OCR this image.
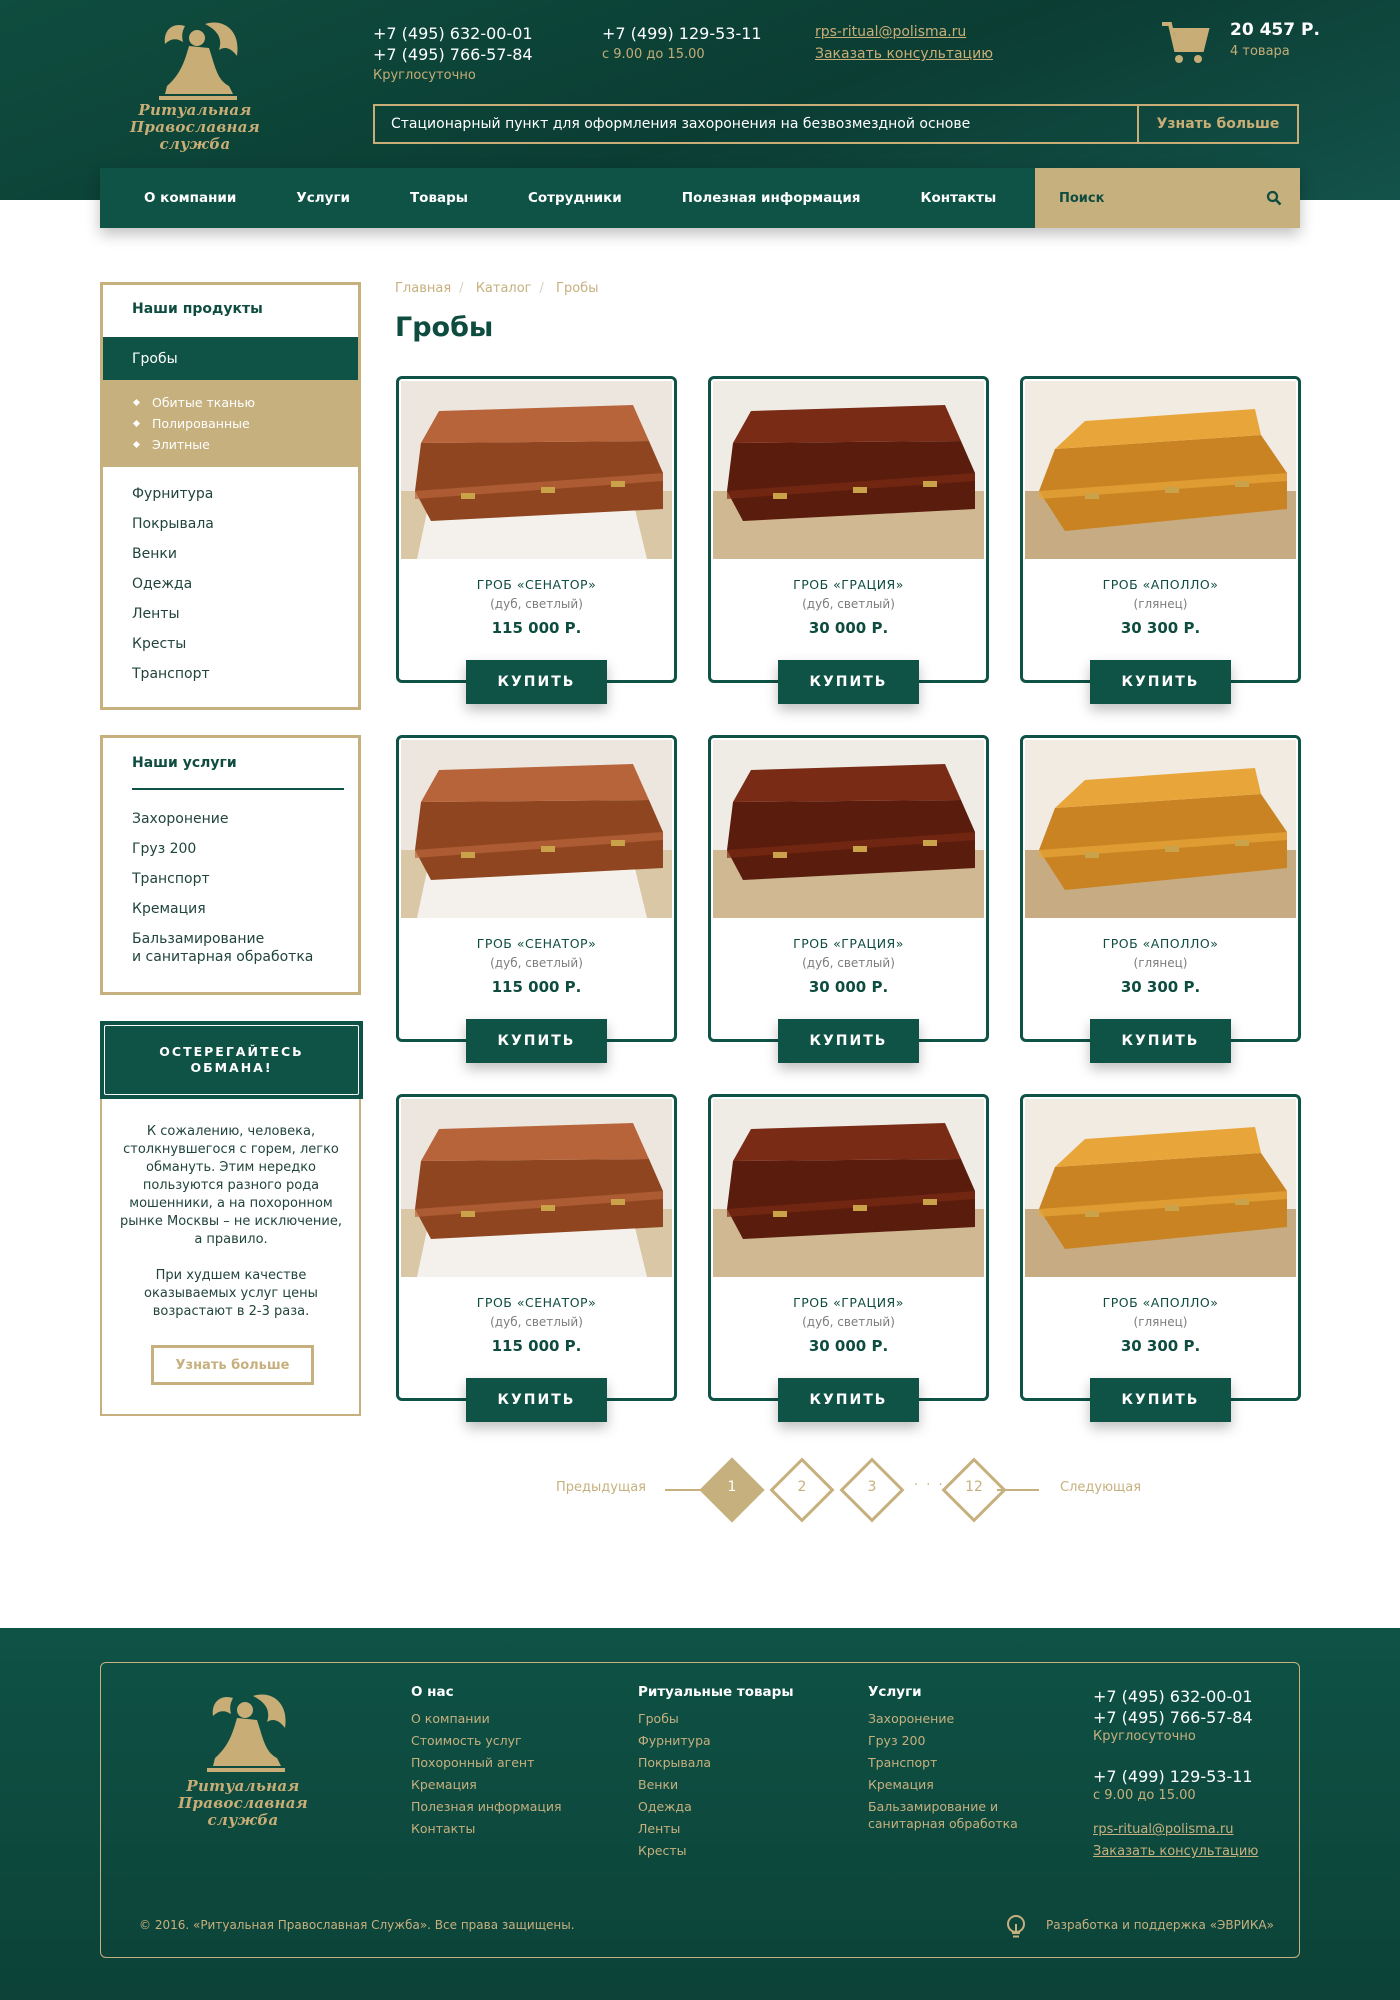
Ритуальная
Православная служба
+7 (495) 632-00-01
+7 (495) 766-57-84
Круглосуточно
+7 (499) 129-53-11
с 9.00 до 15.00
rps-ritual@polisma.ru
Заказать консультацию
20 457 Р.
4 товара
Стационарный пункт для оформления захоронения на безвозмездной основе	Узнать больше
О компании	Услуги	Товары	Сотрудники	Полезная информация	Контакты	Поиск
Наши продукты
Гробы
Обитые тканью
Полированные
Элитные
Фурнитура
Покрывала
Венки
Одежда
Ленты
Кресты
Транспорт
Наши услуги
Захоронение
Груз 200
Транспорт
Кремация
Бальзамирование
и санитарная обработка
ОСТЕРЕГАЙТЕСЬ ОБМАНА!
К сожалению, человека, столкнувшегося с горем, легко обмануть. Этим нередко пользуются разного рода мошенники, а на похоронном рынке Москвы – не исключение, а правило.
При худшем качестве оказываемых услуг цены возрастают в 2-3 раза.
Узнать больше
Главная / Каталог / Гробы
Гробы
ГРОБ «СЕНАТОР»
(дуб, светлый)
115 000 Р.
КУПИТЬ
ГРОБ «ГРАЦИЯ»
(дуб, светлый)
30 000 Р.
КУПИТЬ
ГРОБ «АПОЛЛО»
(глянец)
30 300 Р.
КУПИТЬ
ГРОБ «СЕНАТОР»
(дуб, светлый)
115 000 Р.
КУПИТЬ
ГРОБ «ГРАЦИЯ»
(дуб, светлый)
30 000 Р.
КУПИТЬ
ГРОБ «АПОЛЛО»
(глянец)
30 300 Р.
КУПИТЬ
ГРОБ «СЕНАТОР»
(дуб, светлый)
115 000 Р.
КУПИТЬ
ГРОБ «ГРАЦИЯ»
(дуб, светлый)
30 000 Р.
КУПИТЬ
ГРОБ «АПОЛЛО»
(глянец)
30 300 Р.
КУПИТЬ
Предыдущая	1	2	3	· · ·	12	Следующая
Ритуальная
Православная служба
О нас
О компании
Стоимость услуг
Похоронный агент
Кремация
Полезная информация
Контакты
Ритуальные товары
Гробы
Фурнитура
Покрывала
Венки
Одежда
Ленты
Кресты
Услуги
Захоронение
Груз 200
Транспорт
Кремация
Бальзамирование и
санитарная обработка
+7 (495) 632-00-01
+7 (495) 766-57-84
Круглосуточно
+7 (499) 129-53-11
с 9.00 до 15.00
rps-ritual@polisma.ru
Заказать консультацию
© 2016. «Ритуальная Православная Служба». Все права защищены.	Разработка и поддержка «ЭВРИКА»
